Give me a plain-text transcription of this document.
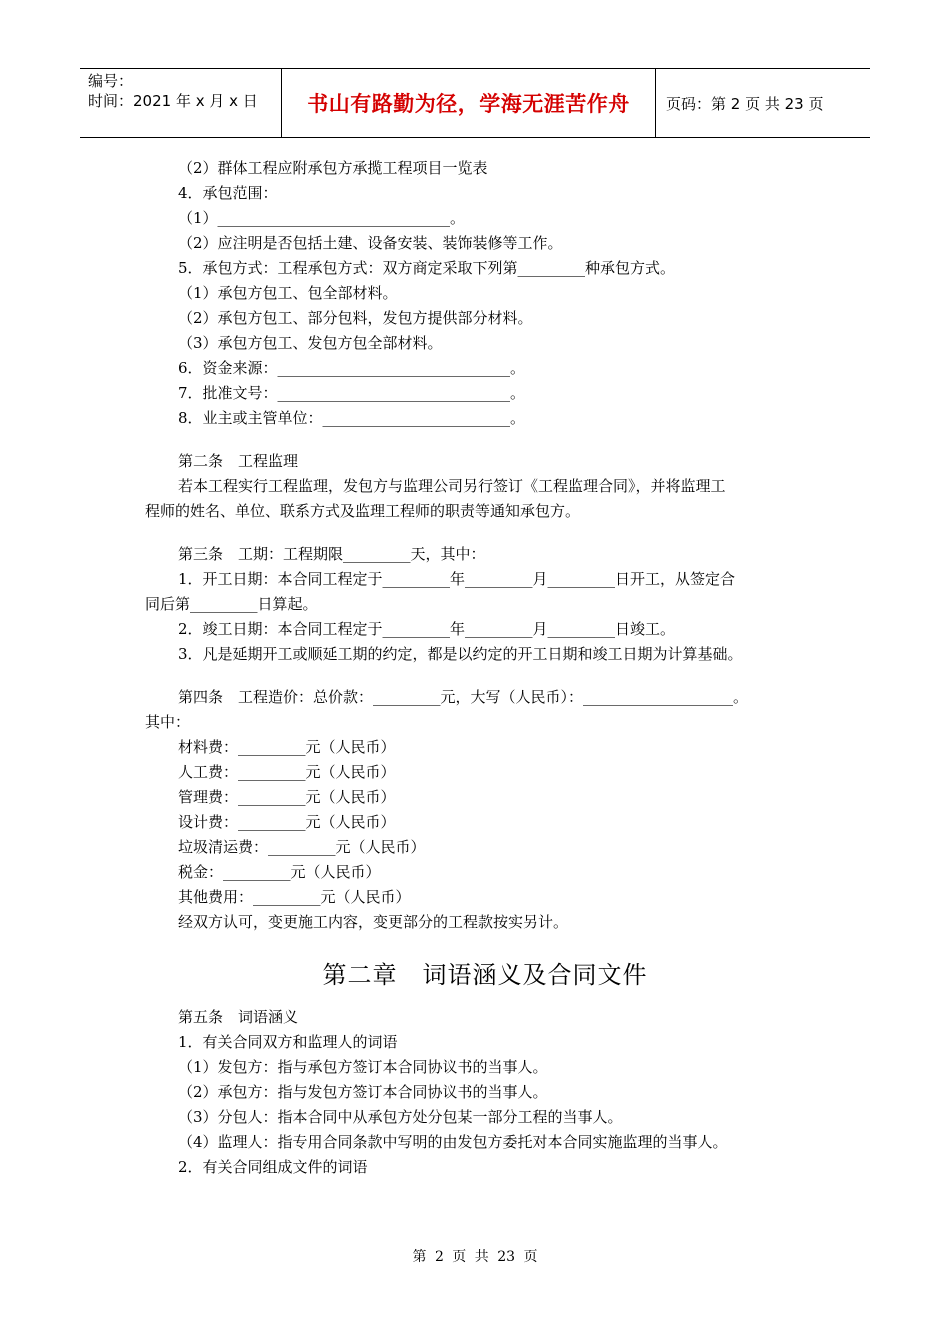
编号：
时间：2021 年 x 月 x 日	书山有路勤为径，学海无涯苦作舟	页码：第 2 页 共 23 页
（2）群体工程应附承包方承揽工程项目一览表
4．承包范围：
（1）_______________________________。
（2）应注明是否包括土建、设备安装、装饰装修等工作。
5．承包方式：工程承包方式：双方商定采取下列第_________种承包方式。
（1）承包方包工、包全部材料。
（2）承包方包工、部分包料，发包方提供部分材料。
（3）承包方包工、发包方包全部材料。
6．资金来源：_______________________________。
7．批准文号：_______________________________。
8．业主或主管单位：_________________________。
第二条　工程监理
若本工程实行工程监理，发包方与监理公司另行签订《工程监理合同》，并将监理工
程师的姓名、单位、联系方式及监理工程师的职责等通知承包方。
第三条　工期：工程期限_________天，其中：
1．开工日期：本合同工程定于_________年_________月_________日开工，从签定合
同后第_________日算起。
2．竣工日期：本合同工程定于_________年_________月_________日竣工。
3．凡是延期开工或顺延工期的约定，都是以约定的开工日期和竣工日期为计算基础。
第四条　工程造价：总价款：_________元，大写（人民币）：____________________。
其中：
材料费：_________元（人民币）
人工费：_________元（人民币）
管理费：_________元（人民币）
设计费：_________元（人民币）
垃圾清运费：_________元（人民币）
税金：_________元（人民币）
其他费用：_________元（人民币）
经双方认可，变更施工内容，变更部分的工程款按实另计。
第二章　词语涵义及合同文件
第五条　词语涵义
1．有关合同双方和监理人的词语
（1）发包方：指与承包方签订本合同协议书的当事人。
（2）承包方：指与发包方签订本合同协议书的当事人。
（3）分包人：指本合同中从承包方处分包某一部分工程的当事人。
（4）监理人：指专用合同条款中写明的由发包方委托对本合同实施监理的当事人。
2．有关合同组成文件的词语
第 2 页 共 23 页
